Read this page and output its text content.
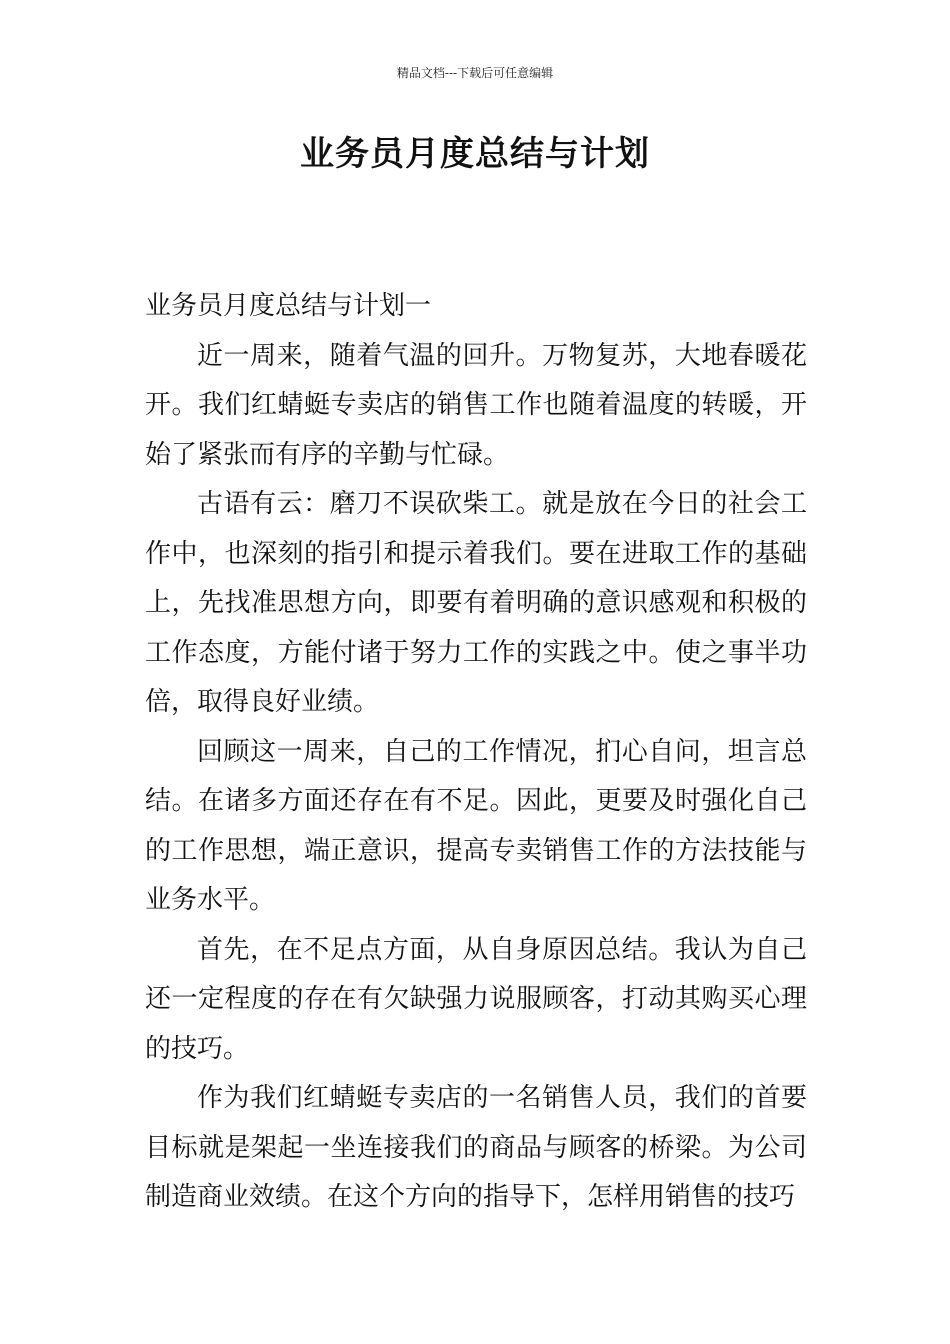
精品文档---下载后可任意编辑
业务员月度总结与计划

业务员月度总结与计划一

近一周来，随着气温的回升。万物复苏，大地春暖花开。我们红蜻蜓专卖店的销售工作也随着温度的转暖，开始了紧张而有序的辛勤与忙碌。

古语有云：磨刀不误砍柴工。就是放在今日的社会工作中，也深刻的指引和提示着我们。要在进取工作的基础上，先找准思想方向，即要有着明确的意识感观和积极的工作态度，方能付诸于努力工作的实践之中。使之事半功倍，取得良好业绩。

回顾这一周来，自己的工作情况，扪心自问，坦言总结。在诸多方面还存在有不足。因此，更要及时强化自己的工作思想，端正意识，提高专卖销售工作的方法技能与业务水平。

首先，在不足点方面，从自身原因总结。我认为自己还一定程度的存在有欠缺强力说服顾客，打动其购买心理的技巧。

作为我们红蜻蜓专卖店的一名销售人员，我们的首要目标就是架起一坐连接我们的商品与顾客的桥梁。为公司制造商业效绩。在这个方向的指导下，怎样用销售的技巧
